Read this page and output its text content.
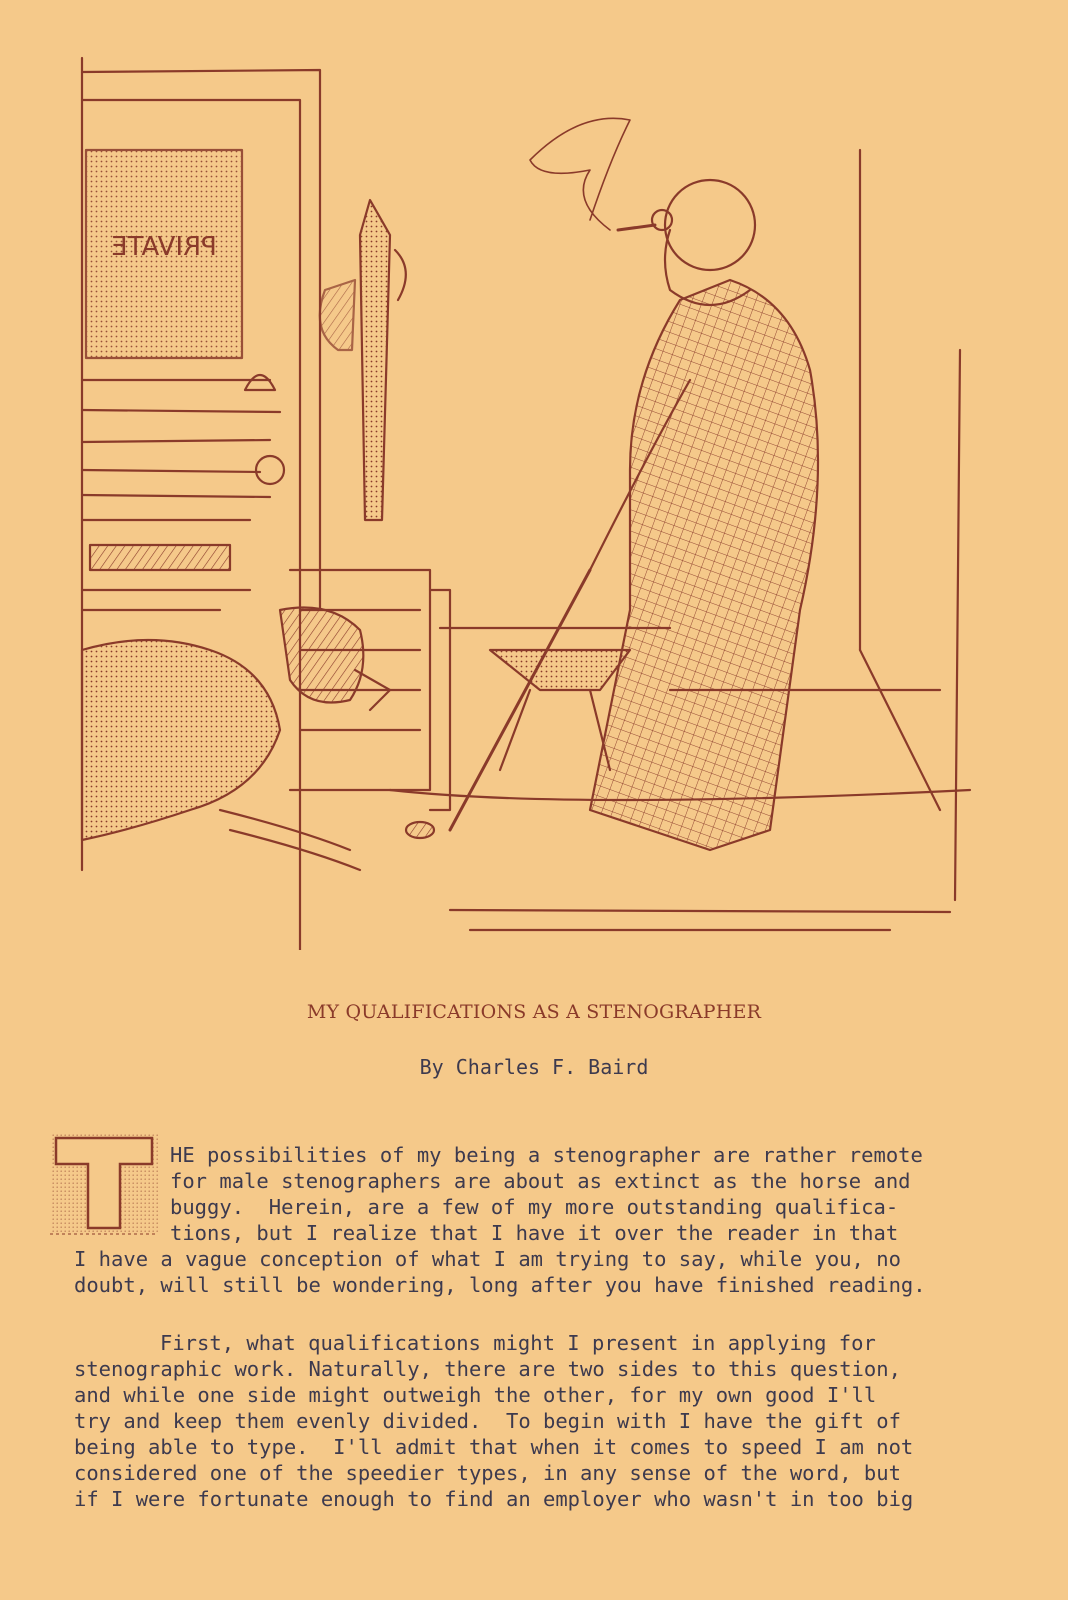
PRIVATE
MY QUALIFICATIONS AS A STENOGRAPHER
By Charles F. Baird
HE possibilities of my being a stenographer are rather remote
for male stenographers are about as extinct as the horse and
buggy.  Herein, are a few of my more outstanding qualifica-
tions, but I realize that I have it over the reader in that
I have a vague conception of what I am trying to say, while you, no
doubt, will still be wondering, long after you have finished reading.
First, what qualifications might I present in applying for
stenographic work. Naturally, there are two sides to this question,
and while one side might outweigh the other, for my own good I'll
try and keep them evenly divided.  To begin with I have the gift of
being able to type.  I'll admit that when it comes to speed I am not
considered one of the speedier types, in any sense of the word, but
if I were fortunate enough to find an employer who wasn't in too big
